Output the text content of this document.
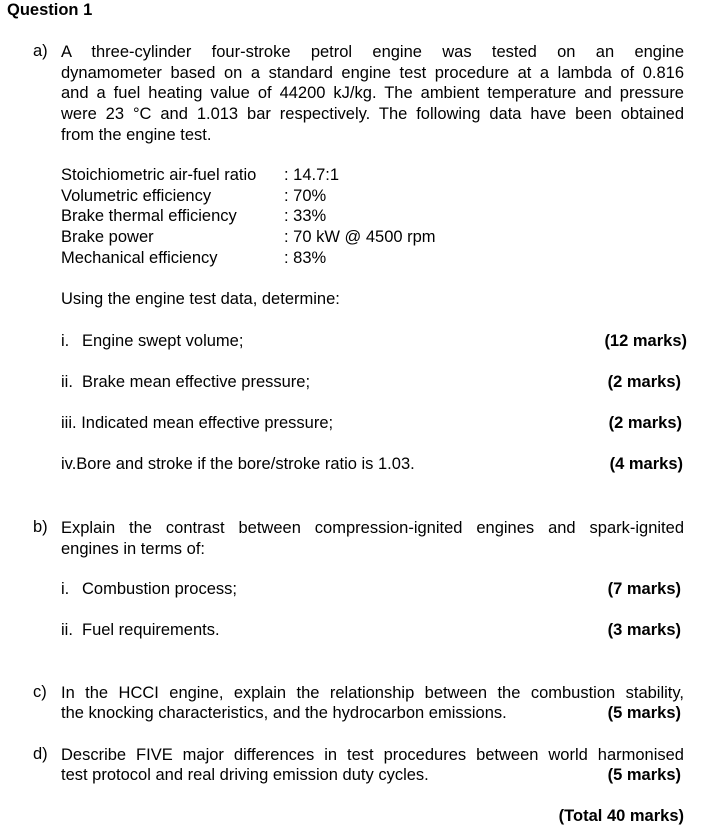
Question 1
a) A three-cylinder four-stroke petrol engine was tested on an engine
dynamometer based on a standard engine test procedure at a lambda of 0.816
and a fuel heating value of 44200 kJ/kg. The ambient temperature and pressure
were 23 °C and 1.013 bar respectively. The following data have been obtained
from the engine test.
Stoichiometric air-fuel ratio : 14.7:1
Volumetric efficiency	: 70%
Brake thermal efficiency	: 33%
Brake power	: 70 kW @ 4500 rpm
Mechanical efficiency	: 83%
Using the engine test data, determine:
i. Engine swept volume;	(12 marks)
ii. Brake mean effective pressure;	(2 marks)
iii. Indicated mean effective pressure;	(2 marks)
iv.Bore and stroke if the bore/stroke ratio is 1.03.	(4 marks)
b) Explain the contrast between compression-ignited engines and spark-ignited
engines in terms of:
i. Combustion process;	(7 marks)
ii. Fuel requirements.	(3 marks)
c) In the HCCI engine, explain the relationship between the combustion stability,
the knocking characteristics, and the hydrocarbon emissions.	(5 marks)
d) Describe FIVE major differences in test procedures between world harmonised
test protocol and real driving emission duty cycles.	(5 marks)
(Total 40 marks)
